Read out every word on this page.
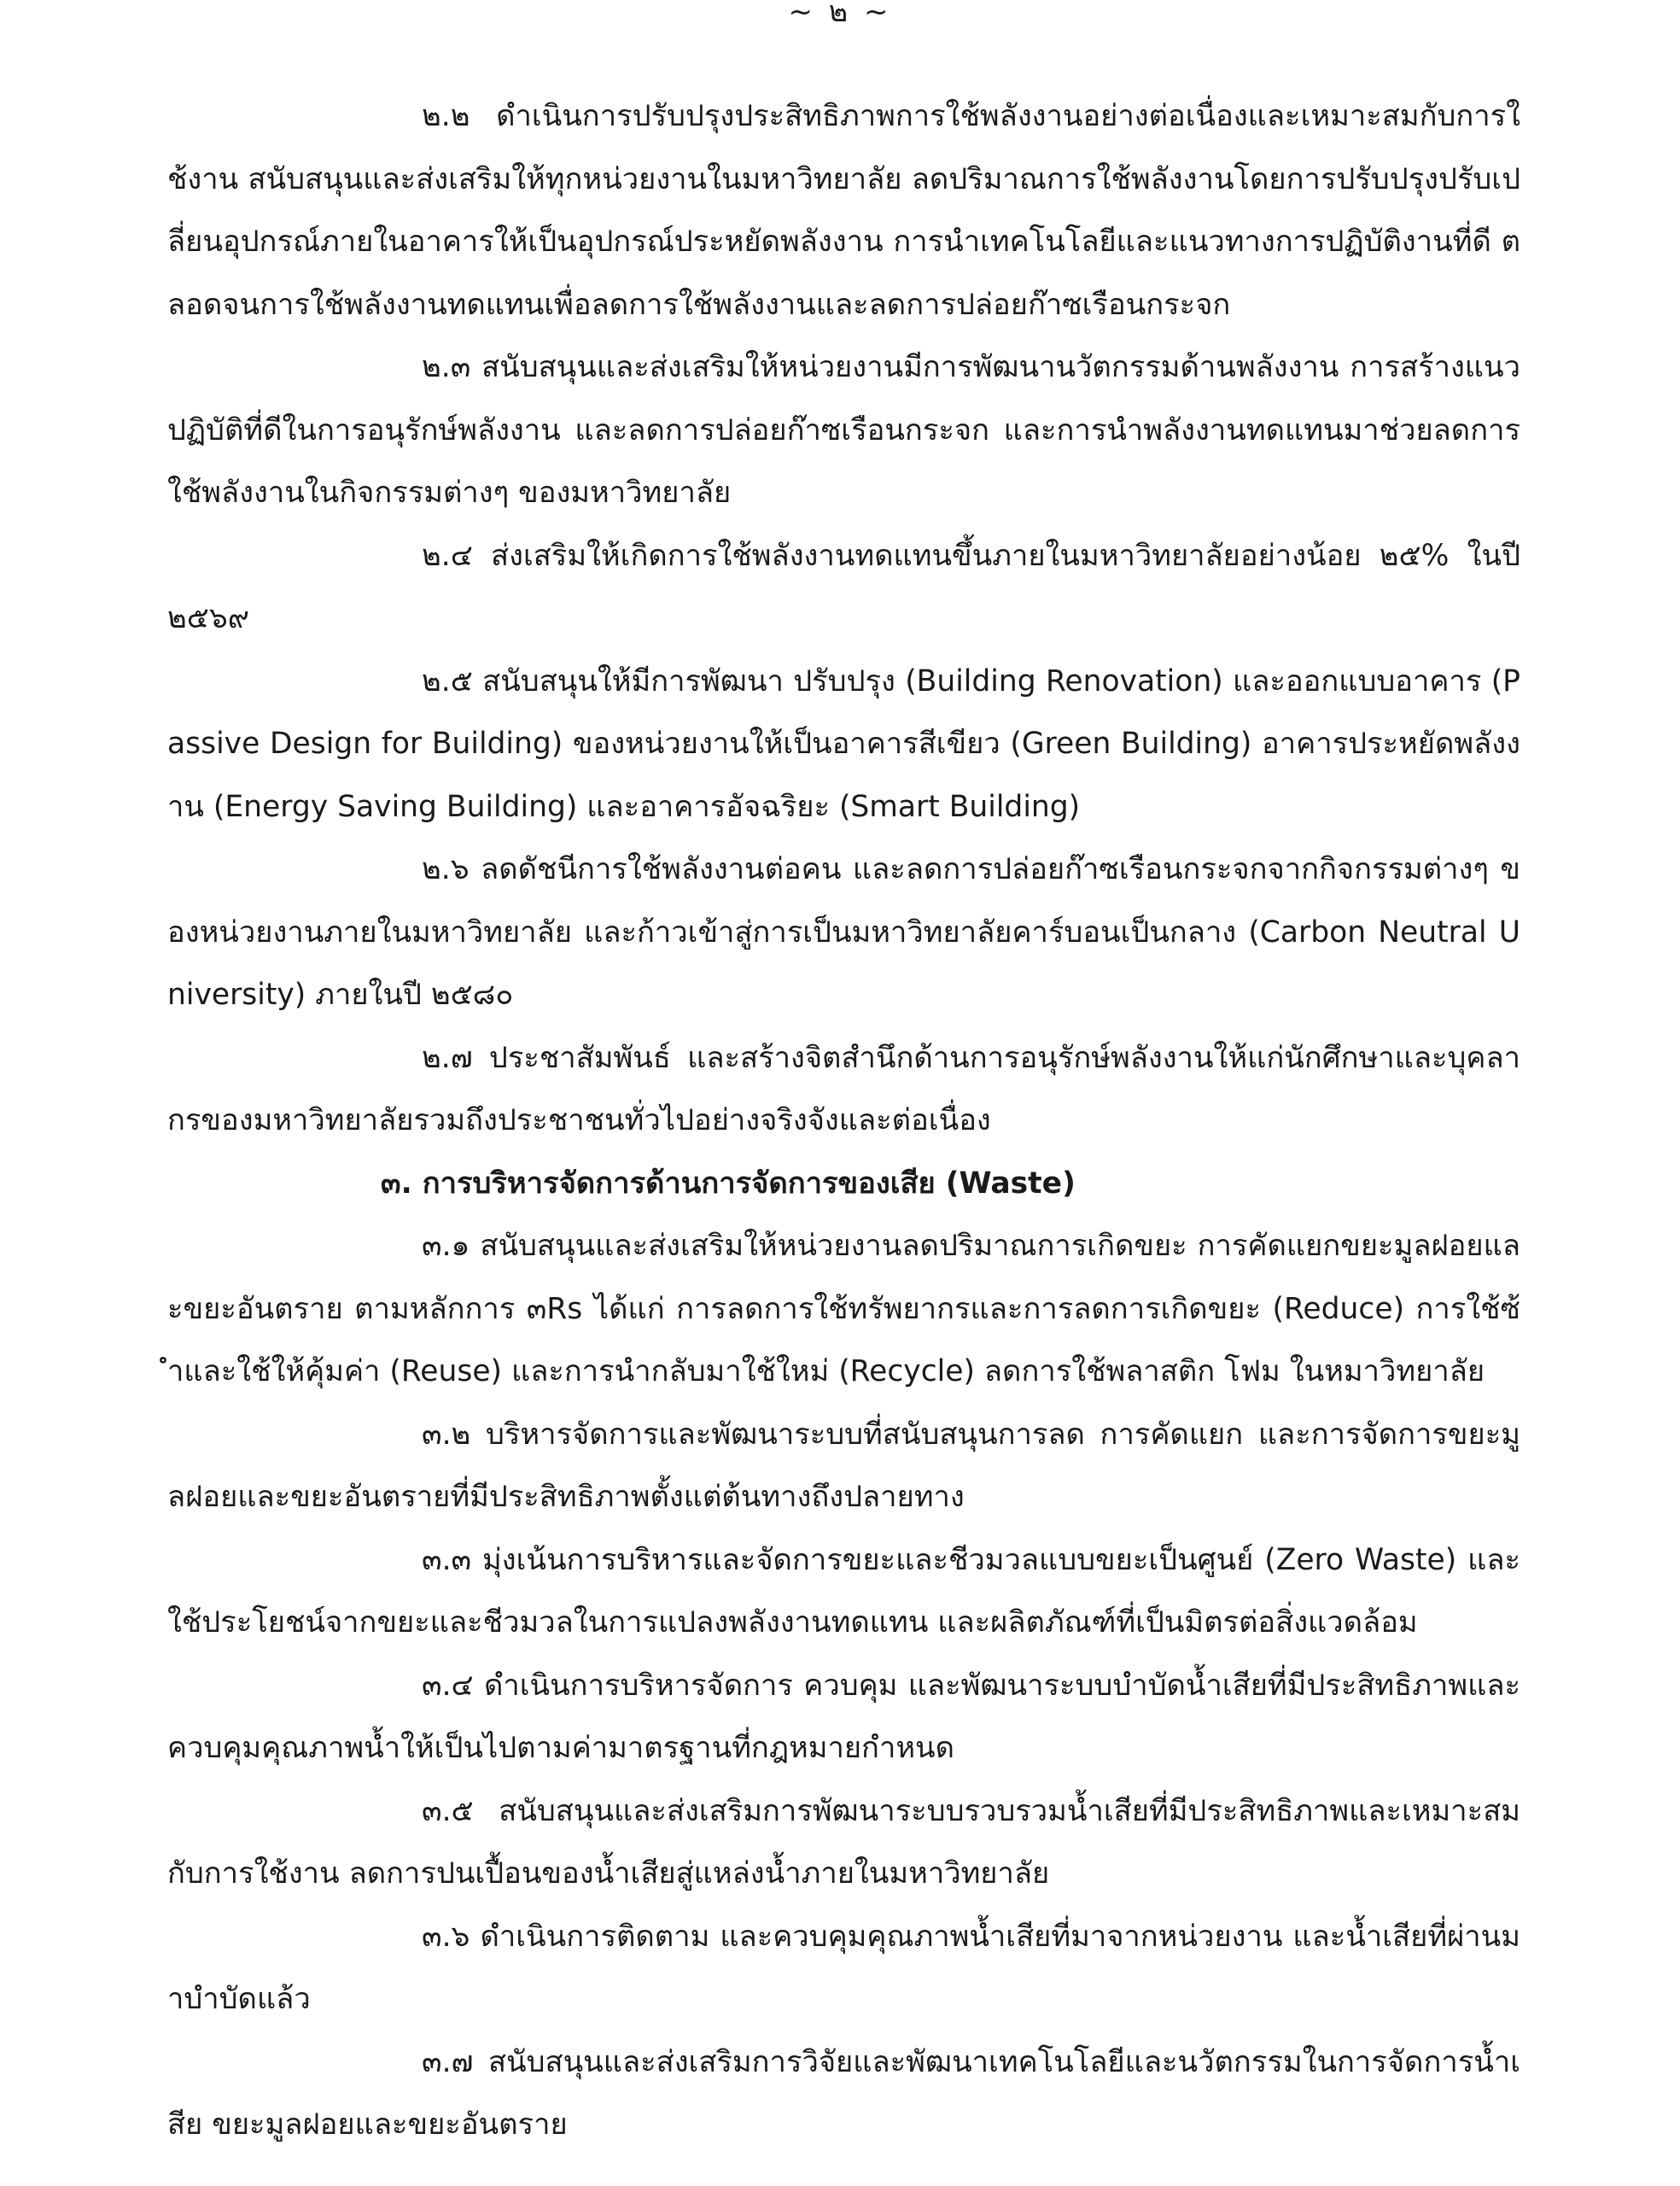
~ ๒ ~

๒.๒ ดำเนินการปรับปรุงประสิทธิภาพการใช้พลังงานอย่างต่อเนื่องและเหมาะสมกับการใช้งาน สนับสนุนและส่งเสริมให้ทุกหน่วยงานในมหาวิทยาลัย ลดปริมาณการใช้พลังงานโดยการปรับปรุงปรับเปลี่ยนอุปกรณ์ภายในอาคารให้เป็นอุปกรณ์ประหยัดพลังงาน การนำเทคโนโลยีและแนวทางการปฏิบัติงานที่ดี ตลอดจนการใช้พลังงานทดแทนเพื่อลดการใช้พลังงานและลดการปล่อยก๊าซเรือนกระจก

๒.๓ สนับสนุนและส่งเสริมให้หน่วยงานมีการพัฒนานวัตกรรมด้านพลังงาน การสร้างแนวปฏิบัติที่ดีในการอนุรักษ์พลังงาน และลดการปล่อยก๊าซเรือนกระจก และการนำพลังงานทดแทนมาช่วยลดการใช้พลังงานในกิจกรรมต่างๆ ของมหาวิทยาลัย

๒.๔ ส่งเสริมให้เกิดการใช้พลังงานทดแทนขึ้นภายในมหาวิทยาลัยอย่างน้อย ๒๕% ในปี ๒๕๖๙

๒.๕ สนับสนุนให้มีการพัฒนา ปรับปรุง (Building Renovation) และออกแบบอาคาร (Passive Design for Building) ของหน่วยงานให้เป็นอาคารสีเขียว (Green Building) อาคารประหยัดพลังงาน (Energy Saving Building) และอาคารอัจฉริยะ (Smart Building)

๒.๖ ลดดัชนีการใช้พลังงานต่อคน และลดการปล่อยก๊าซเรือนกระจกจากกิจกรรมต่างๆ ของหน่วยงานภายในมหาวิทยาลัย และก้าวเข้าสู่การเป็นมหาวิทยาลัยคาร์บอนเป็นกลาง (Carbon Neutral University) ภายในปี ๒๕๘๐

๒.๗ ประชาสัมพันธ์ และสร้างจิตสำนึกด้านการอนุรักษ์พลังงานให้แก่นักศึกษาและบุคลากรของมหาวิทยาลัยรวมถึงประชาชนทั่วไปอย่างจริงจังและต่อเนื่อง

๓. การบริหารจัดการด้านการจัดการของเสีย (Waste)

๓.๑ สนับสนุนและส่งเสริมให้หน่วยงานลดปริมาณการเกิดขยะ การคัดแยกขยะมูลฝอยและขยะอันตราย ตามหลักการ ๓Rs ได้แก่ การลดการใช้ทรัพยากรและการลดการเกิดขยะ (Reduce) การใช้ซ้ำและใช้ให้คุ้มค่า (Reuse) และการนำกลับมาใช้ใหม่ (Recycle) ลดการใช้พลาสติก โฟม ในหมาวิทยาลัย

๓.๒ บริหารจัดการและพัฒนาระบบที่สนับสนุนการลด การคัดแยก และการจัดการขยะมูลฝอยและขยะอันตรายที่มีประสิทธิภาพตั้งแต่ต้นทางถึงปลายทาง

๓.๓ มุ่งเน้นการบริหารและจัดการขยะและชีวมวลแบบขยะเป็นศูนย์ (Zero Waste) และใช้ประโยชน์จากขยะและชีวมวลในการแปลงพลังงานทดแทน และผลิตภัณฑ์ที่เป็นมิตรต่อสิ่งแวดล้อม

๓.๔ ดำเนินการบริหารจัดการ ควบคุม และพัฒนาระบบบำบัดน้ำเสียที่มีประสิทธิภาพและควบคุมคุณภาพน้ำให้เป็นไปตามค่ามาตรฐานที่กฎหมายกำหนด

๓.๕ สนับสนุนและส่งเสริมการพัฒนาระบบรวบรวมน้ำเสียที่มีประสิทธิภาพและเหมาะสมกับการใช้งาน ลดการปนเปื้อนของน้ำเสียสู่แหล่งน้ำภายในมหาวิทยาลัย

๓.๖ ดำเนินการติดตาม และควบคุมคุณภาพน้ำเสียที่มาจากหน่วยงาน และน้ำเสียที่ผ่านมาบำบัดแล้ว

๓.๗ สนับสนุนและส่งเสริมการวิจัยและพัฒนาเทคโนโลยีและนวัตกรรมในการจัดการน้ำเสีย ขยะมูลฝอยและขยะอันตราย
